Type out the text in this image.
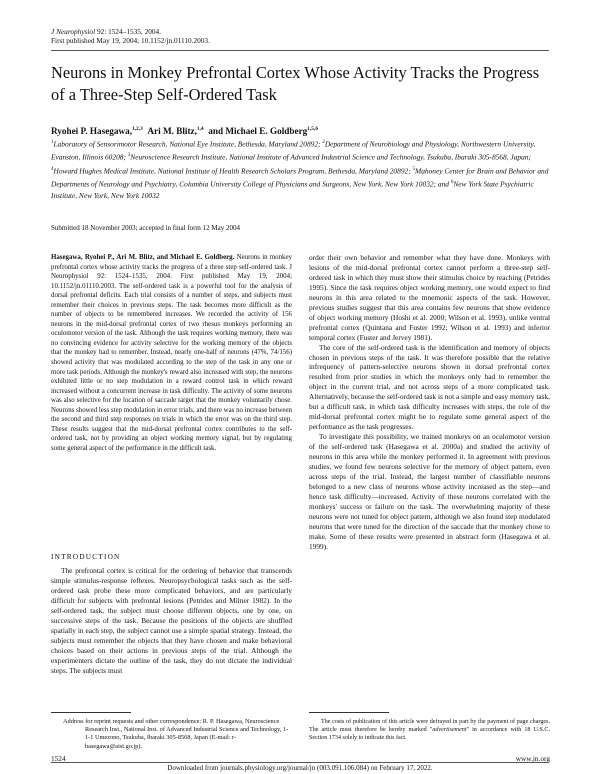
J Neurophysiol 92: 1524–1535, 2004.
First published May 19, 2004; 10.1152/jn.01110.2003.
Neurons in Monkey Prefrontal Cortex Whose Activity Tracks the Progress of a Three-Step Self-Ordered Task
Ryohei P. Hasegawa,$^{1,2,3}$ Ari M. Blitz,$^{1,4}$ and Michael E. Goldberg$^{1,5,6}$
$^1$Laboratory of Sensorimotor Research, National Eye Institute, Bethesda, Maryland 20892; $^2$Department of Neurobiology and Physiology, Northwestern University, Evanston, Illinois 60208; $^3$Neuroscience Research Institute, National Institute of Advanced Industrial Science and Technology, Tsukuba, Ibaraki 305-8568, Japan; $^4$Howard Hughes Medical Institute, National Institute of Health Research Scholars Program, Bethesda, Maryland 20892; $^5$Mahoney Center for Brain and Behavior and Departments of Neurology and Psychiatry, Columbia University College of Physicians and Surgeons, New York, New York 10032; and $^6$New York State Psychiatric Institute, New York, New York 10032
Submitted 18 November 2003; accepted in final form 12 May 2004

Hasegawa, Ryohei P., Ari M. Blitz, and Michael E. Goldberg. Neurons in monkey prefrontal cortex whose activity tracks the progress of a three step self-ordered task. J Neurophysiol 92: 1524–1535, 2004. First published May 19, 2004; 10.1152/jn.01110.2003. The self-ordered task is a powerful tool for the analysis of dorsal prefrontal deficits. Each trial consists of a number of steps, and subjects must remember their choices in previous steps. The task becomes more difficult as the number of objects to be remembered increases. We recorded the activity of 156 neurons in the mid-dorsal prefrontal cortex of two rhesus monkeys performing an oculomotor version of the task. Although the task requires working memory, there was no convincing evidence for activity selective for the working memory of the objects that the monkey had to remember. Instead, nearly one-half of neurons (47%, 74/156) showed activity that was modulated according to the step of the task in any one or more task periods. Although the monkey's reward also increased with step, the neurons exhibited little or no step modulation in a reward control task in which reward increased without a concurrent increase in task difficulty. The activity of some neurons was also selective for the location of saccade target that the monkey voluntarily chose. Neurons showed less step modulation in error trials, and there was no increase between the second and third step responses on trials in which the error was on the third step. These results suggest that the mid-dorsal prefrontal cortex contributes to the self-ordered task, not by providing an object working memory signal, but by regulating some general aspect of the performance in the difficult task.

INTRODUCTION

The prefrontal cortex is critical for the ordering of behavior that transcends simple stimulus-response reflexes. Neuropsychological tasks such as the self-ordered task probe these more complicated behaviors, and are particularly difficult for subjects with prefrontal lesions (Petrides and Milner 1982). In the self-ordered task, the subject must choose different objects, one by one, on successive steps of the task. Because the positions of the objects are shuffled spatially in each step, the subject cannot use a simple spatial strategy. Instead, the subjects must remember the objects that they have chosen and make behavioral choices based on their actions in previous steps of the trial. Although the experimenters dictate the outline of the task, they do not dictate the individual steps. The subjects must

order their own behavior and remember what they have done. Monkeys with lesions of the mid-dorsal prefrontal cortex cannot perform a three-step self-ordered task in which they must show their stimulus choice by reaching (Petrides 1995). Since the task requires object working memory, one would expect to find neurons in this area related to the mnemonic aspects of the task. However, previous studies suggest that this area contains few neurons that show evidence of object working memory (Hoshi et al. 2000; Wilson et al. 1993), unlike ventral prefrontal cortex (Quintana and Fuster 1992; Wilson et al. 1993) and inferior temporal cortex (Fuster and Jervey 1981).

The core of the self-ordered task is the identification and memory of objects chosen in previous steps of the task. It was therefore possible that the relative infrequency of pattern-selective neurons shown in dorsal prefrontal cortex resulted from prior studies in which the monkeys only had to remember the object in the current trial, and not across steps of a more complicated task. Alternatively, because the self-ordered task is not a simple and easy memory task, but a difficult task, in which task difficulty increases with steps, the role of the mid-dorsal prefrontal cortex might be to regulate some general aspect of the performance as the task progresses.

To investigate this possibility, we trained monkeys on an oculomotor version of the self-ordered task (Hasegawa et al. 2000a) and studied the activity of neurons in this area while the monkey performed it. In agreement with previous studies, we found few neurons selective for the memory of object pattern, even across steps of the trial. Instead, the largest number of classifiable neurons belonged to a new class of neurons whose activity increased as the step—and hence task difficulty—increased. Activity of these neurons correlated with the monkeys' success or failure on the task. The overwhelming majority of these neurons were not tuned for object pattern, although we also found step modulated neurons that were tuned for the direction of the saccade that the monkey chose to make. Some of these results were presented in abstract form (Hasegawa et al. 1999).

Address for reprint requests and other correspondence: R. P. Hasegawa, Neuroscience Research Inst., National Inst. of Advanced Industrial Science and Technology, 1-1-1 Umezono, Tsukuba, Ibaraki 305-8568, Japan (E-mail: r-hasegawa@aist.go.jp).
The costs of publication of this article were defrayed in part by the payment of page charges. The article must therefore be hereby marked "advertisement" in accordance with 18 U.S.C. Section 1734 solely to indicate this fact.
1524	www.jn.org
Downloaded from journals.physiology.org/journal/jn (003.091.106.084) on February 17, 2022.
